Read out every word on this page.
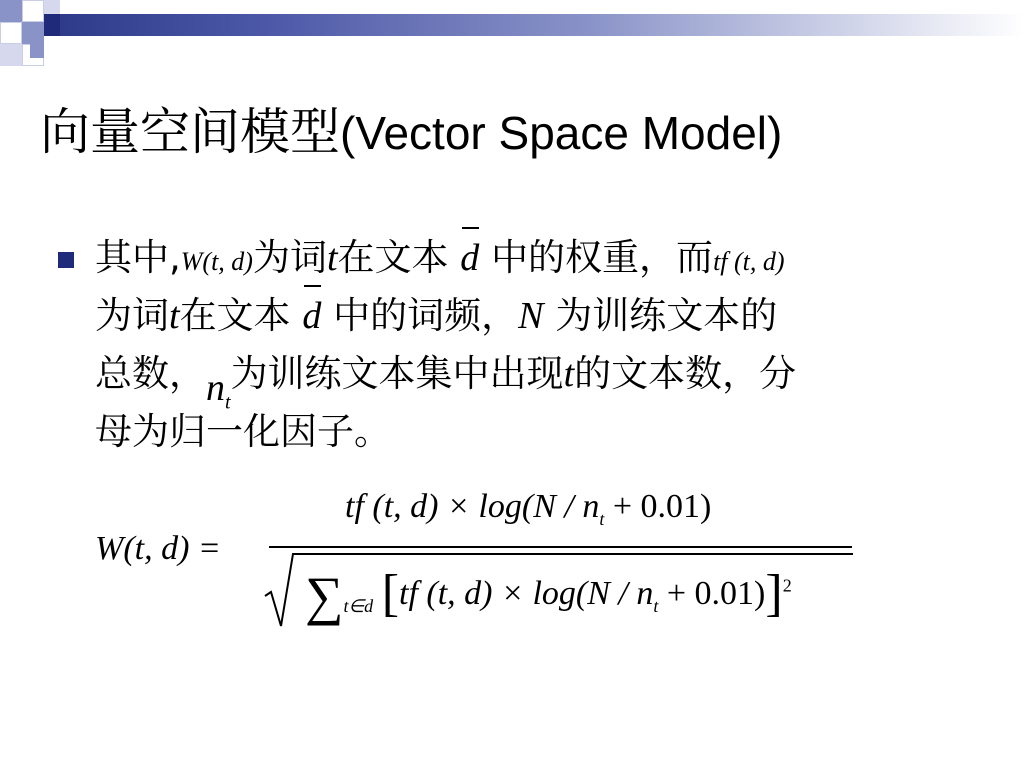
向量空间模型(Vector Space Model)
其中,W(t, d)为词t在文本 d 中的权重，而tf (t, d)
为词t在文本 d 中的词频，N 为训练文本的
总数，$n_t$为训练文本集中出现t的文本数，分
母为归一化因子。
W(t, d) =
tf (t, $d) \times \log(N / n_t + 0.01)$
$\sum_{t\in d}$ [tf (t, $d) \times \log(N / n_t + 0.01)]^2$
